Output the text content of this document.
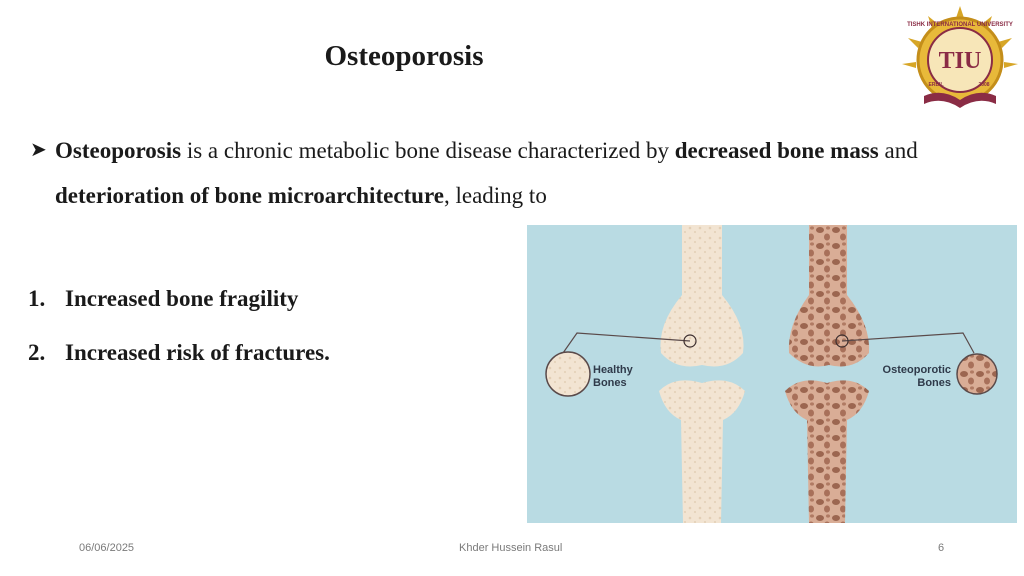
Osteoporosis
TISHK INTERNATIONAL UNIVERSITY
TIU
ERBIL	2008
➤ Osteoporosis is a chronic metabolic bone disease characterized by decreased bone mass and deterioration of bone microarchitecture, leading to
1. Increased bone fragility
2. Increased risk of fractures.
Healthy
Bones
Osteoporotic
Bones
06/06/2025	Khder Hussein Rasul	6
